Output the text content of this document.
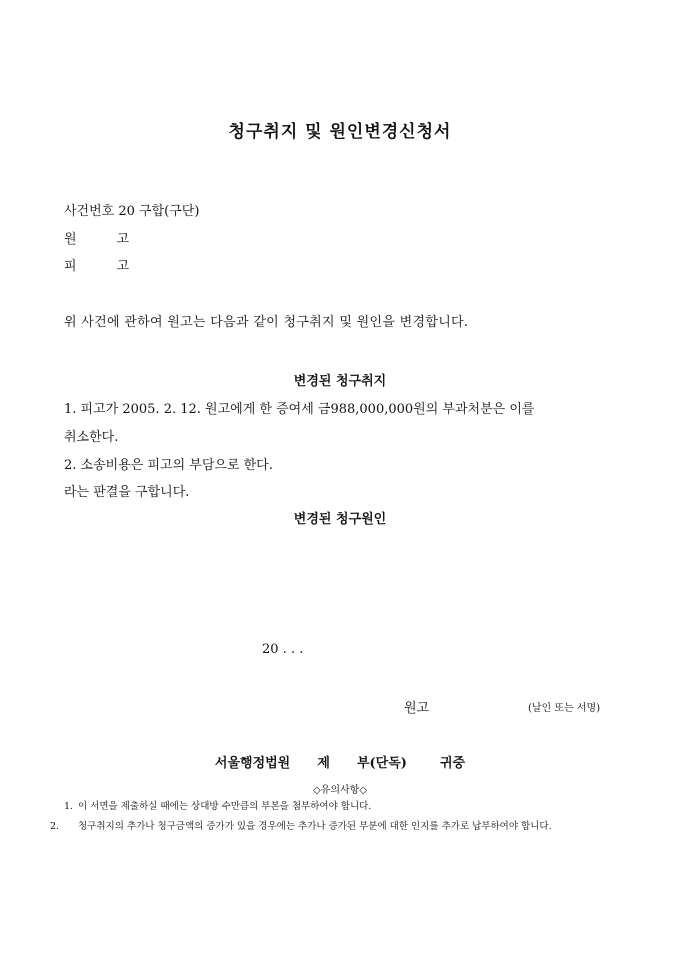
청구취지 및 원인변경신청서
사건번호 20 구합(구단)
원	고
피	고
위 사건에 관하여 원고는 다음과 같이 청구취지 및 원인을 변경합니다.
변경된 청구취지
1. 피고가 2005. 2. 12. 원고에게 한 증여세 금988,000,000원의 부과처분은 이를
취소한다.
2. 소송비용은 피고의 부담으로 한다.
라는 판결을 구합니다.
변경된 청구원인
20 . . .
원고	(날인 또는 서명)
서울행정법원 제 부(단독)	귀중
◇유의사항◇
1. 이 서면을 제출하실 때에는 상대방 수만큼의 부본을 첨부하여야 합니다.
2. 청구취지의 추가나 청구금액의 증가가 있을 경우에는 추가나 증가된 부분에 대한 인지를 추가로 납부하여야 합니다.
